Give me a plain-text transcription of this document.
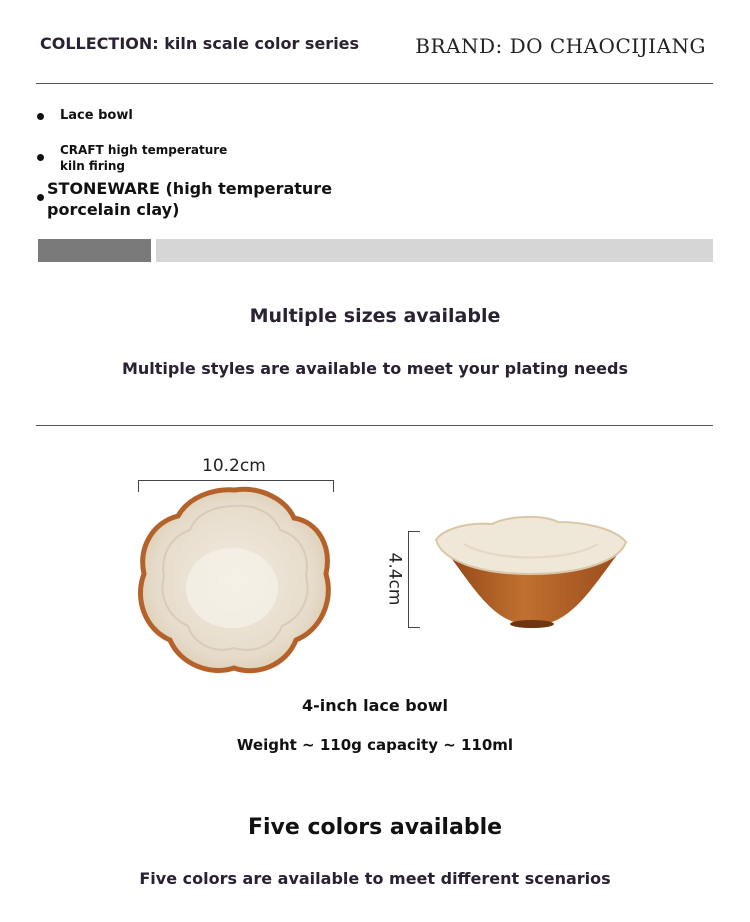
COLLECTION: kiln scale color series	BRAND: DO CHAOCIJIANG
Lace bowl
CRAFT high temperature
kiln firing
STONEWARE (high temperature
porcelain clay)
Multiple sizes available
Multiple styles are available to meet your plating needs
10.2cm
4.4cm
4-inch lace bowl
Weight ~ 110g capacity ~ 110ml
Five colors available
Five colors are available to meet different scenarios
